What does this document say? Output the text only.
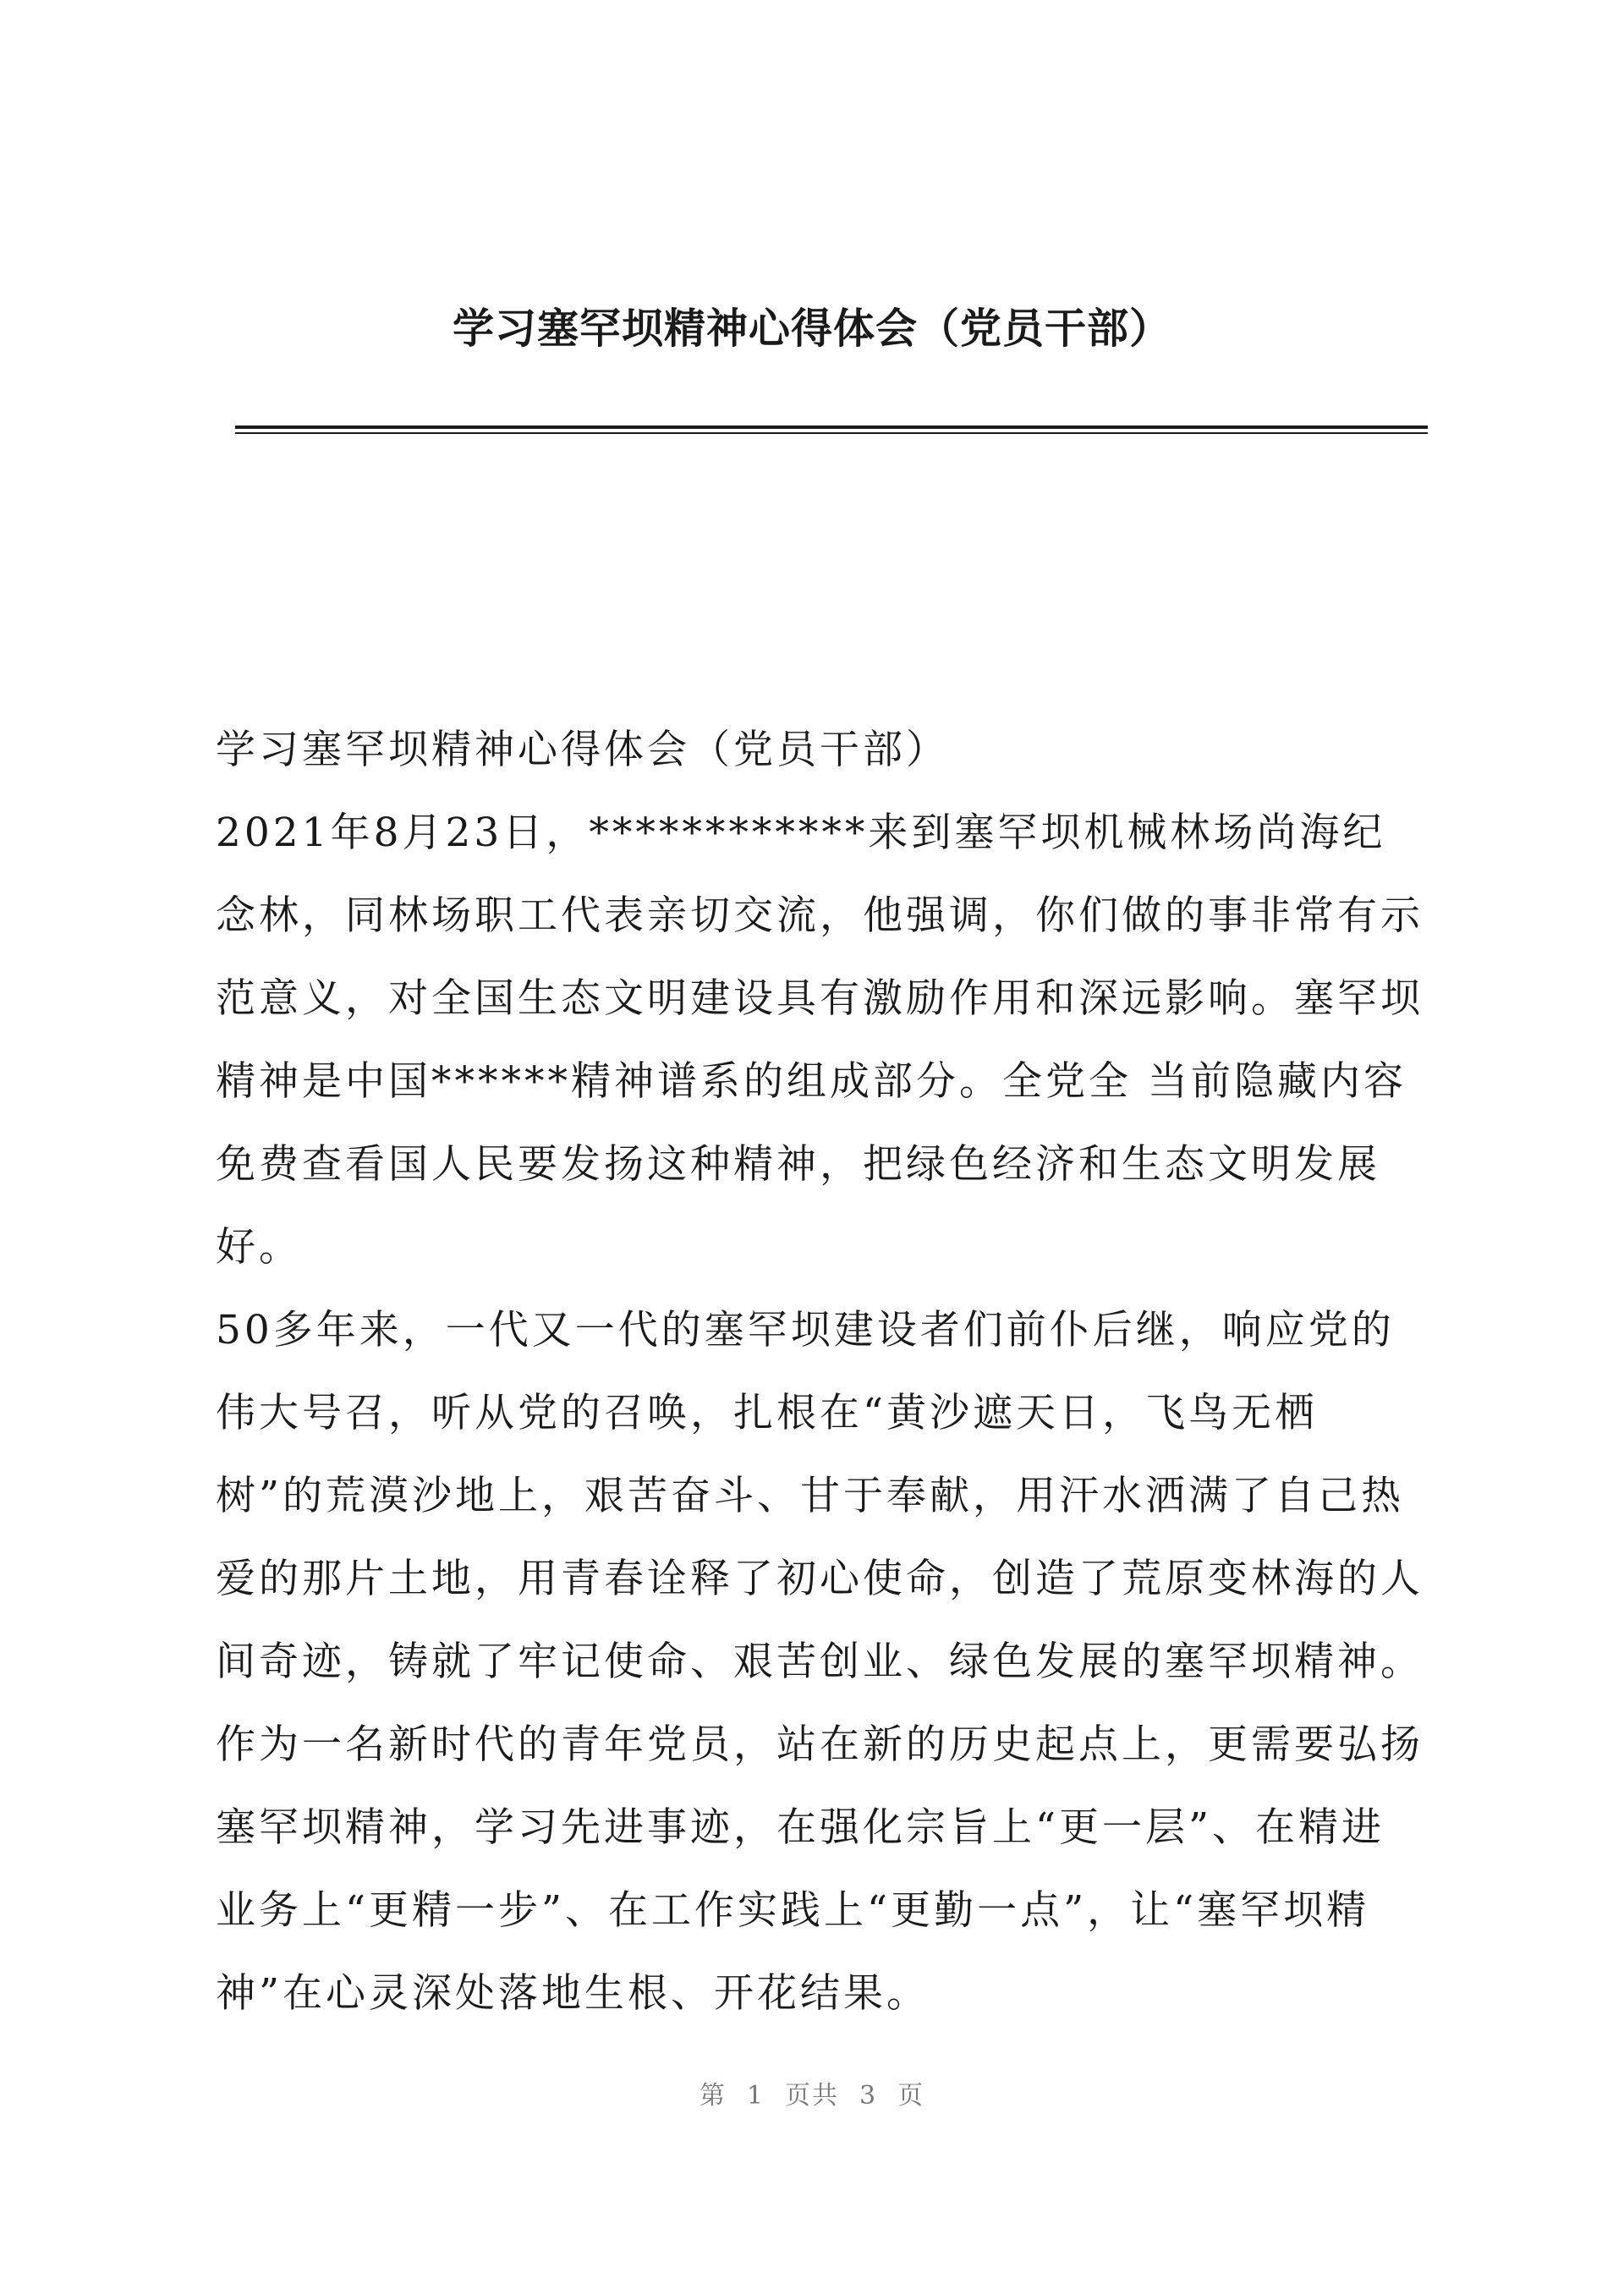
学习塞罕坝精神心得体会（党员干部）

学习塞罕坝精神心得体会（党员干部）

2021年8月23日，************来到塞罕坝机械林场尚海纪念林，同林场职工代表亲切交流，他强调，你们做的事非常有示范意义，对全国生态文明建设具有激励作用和深远影响。塞罕坝精神是中国******精神谱系的组成部分。全党全 当前隐藏内容免费查看国人民要发扬这种精神，把绿色经济和生态文明发展好。

50多年来，一代又一代的塞罕坝建设者们前仆后继，响应党的伟大号召，听从党的召唤，扎根在“黄沙遮天日，飞鸟无栖树”的荒漠沙地上，艰苦奋斗、甘于奉献，用汗水洒满了自己热爱的那片土地，用青春诠释了初心使命，创造了荒原变林海的人间奇迹，铸就了牢记使命、艰苦创业、绿色发展的塞罕坝精神。

作为一名新时代的青年党员，站在新的历史起点上，更需要弘扬塞罕坝精神，学习先进事迹，在强化宗旨上“更一层”、在精进业务上“更精一步”、在工作实践上“更勤一点”，让“塞罕坝精神”在心灵深处落地生根、开花结果。

第 1 页共 3 页
